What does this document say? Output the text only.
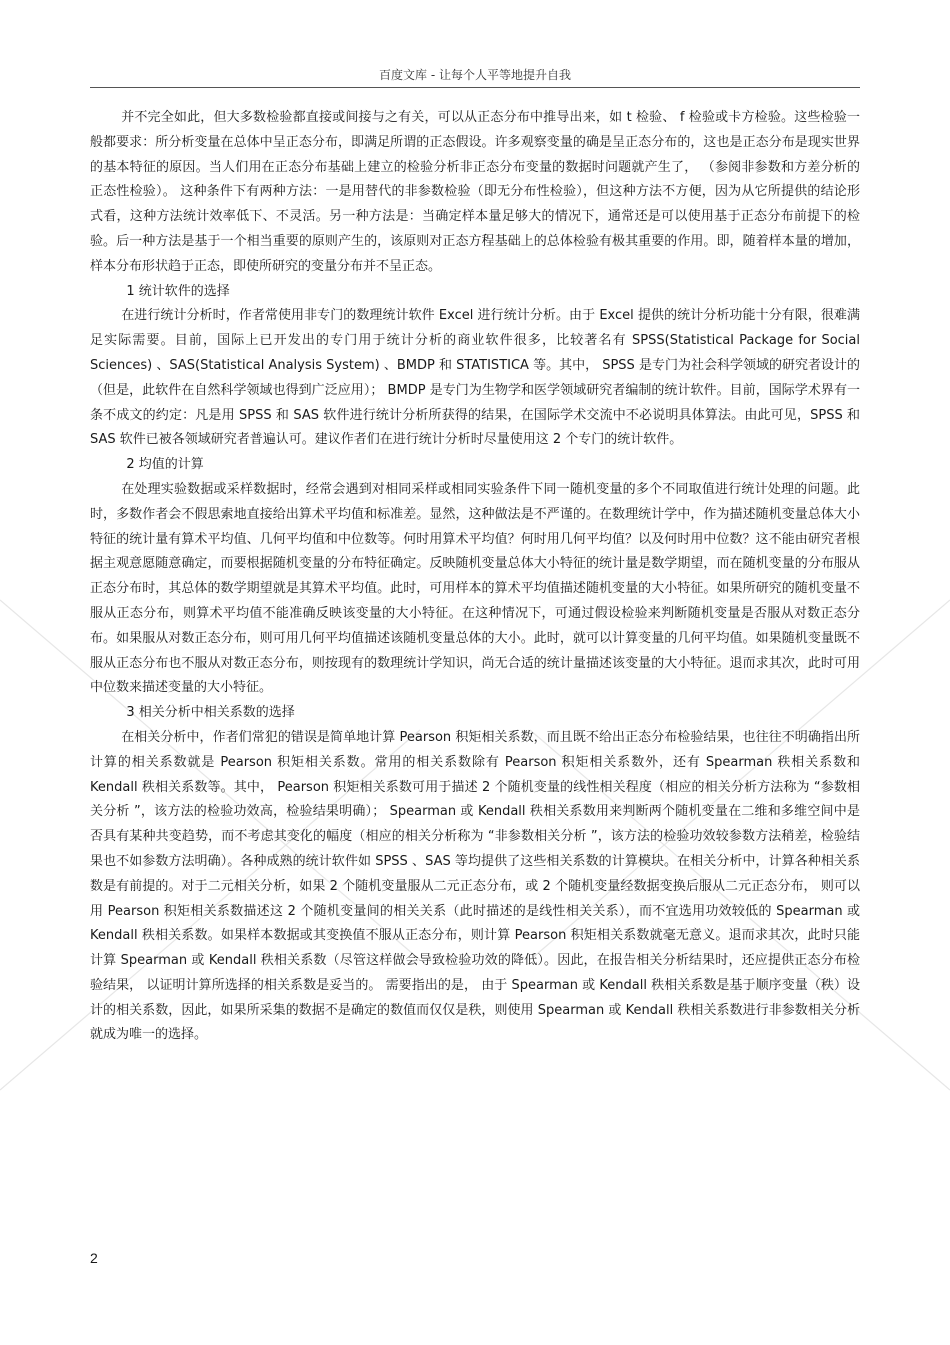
百度文库 - 让每个人平等地提升自我

并不完全如此，但大多数检验都直接或间接与之有关，可以从正态分布中推导出来，如 t 检验、 f 检验或卡方检验。这些检验一般都要求：所分析变量在总体中呈正态分布，即满足所谓的正态假设。许多观察变量的确是呈正态分布的，这也是正态分布是现实世界的基本特征的原因。当人们用在正态分布基础上建立的检验分析非正态分布变量的数据时问题就产生了， （参阅非参数和方差分析的正态性检验）。 这种条件下有两种方法：一是用替代的非参数检验（即无分布性检验），但这种方法不方便，因为从它所提供的结论形式看，这种方法统计效率低下、不灵活。另一种方法是：当确定样本量足够大的情况下，通常还是可以使用基于正态分布前提下的检验。后一种方法是基于一个相当重要的原则产生的，该原则对正态方程基础上的总体检验有极其重要的作用。即，随着样本量的增加，样本分布形状趋于正态，即使所研究的变量分布并不呈正态。

1 统计软件的选择

在进行统计分析时，作者常使用非专门的数理统计软件 Excel 进行统计分析。由于 Excel 提供的统计分析功能十分有限，很难满足实际需要。目前，国际上已开发出的专门用于统计分析的商业软件很多，比较著名有 SPSS(Statistical Package for Social Sciences) 、SAS(Statistical Analysis System) 、BMDP 和 STATISTICA 等。其中， SPSS 是专门为社会科学领域的研究者设计的（但是，此软件在自然科学领域也得到广泛应用）； BMDP 是专门为生物学和医学领域研究者编制的统计软件。目前，国际学术界有一条不成文的约定：凡是用 SPSS 和 SAS 软件进行统计分析所获得的结果，在国际学术交流中不必说明具体算法。由此可见，SPSS 和 SAS 软件已被各领域研究者普遍认可。建议作者们在进行统计分析时尽量使用这 2 个专门的统计软件。

2 均值的计算

在处理实验数据或采样数据时，经常会遇到对相同采样或相同实验条件下同一随机变量的多个不同取值进行统计处理的问题。此时，多数作者会不假思索地直接给出算术平均值和标准差。显然，这种做法是不严谨的。在数理统计学中，作为描述随机变量总体大小特征的统计量有算术平均值、几何平均值和中位数等。何时用算术平均值？何时用几何平均值？以及何时用中位数？这不能由研究者根据主观意愿随意确定，而要根据随机变量的分布特征确定。反映随机变量总体大小特征的统计量是数学期望，而在随机变量的分布服从正态分布时，其总体的数学期望就是其算术平均值。此时，可用样本的算术平均值描述随机变量的大小特征。如果所研究的随机变量不服从正态分布，则算术平均值不能准确反映该变量的大小特征。在这种情况下，可通过假设检验来判断随机变量是否服从对数正态分布。如果服从对数正态分布，则可用几何平均值描述该随机变量总体的大小。此时，就可以计算变量的几何平均值。如果随机变量既不服从正态分布也不服从对数正态分布，则按现有的数理统计学知识，尚无合适的统计量描述该变量的大小特征。退而求其次，此时可用中位数来描述变量的大小特征。

3 相关分析中相关系数的选择

在相关分析中，作者们常犯的错误是简单地计算 Pearson 积矩相关系数，而且既不给出正态分布检验结果，也往往不明确指出所计算的相关系数就是 Pearson 积矩相关系数。常用的相关系数除有 Pearson 积矩相关系数外，还有 Spearman 秩相关系数和 Kendall 秩相关系数等。其中， Pearson 积矩相关系数可用于描述 2 个随机变量的线性相关程度（相应的相关分析方法称为 “参数相关分析 ”，该方法的检验功效高，检验结果明确）； Spearman 或 Kendall 秩相关系数用来判断两个随机变量在二维和多维空间中是否具有某种共变趋势，而不考虑其变化的幅度（相应的相关分析称为 “非参数相关分析 ”，该方法的检验功效较参数方法稍差，检验结果也不如参数方法明确）。各种成熟的统计软件如 SPSS 、SAS 等均提供了这些相关系数的计算模块。在相关分析中，计算各种相关系数是有前提的。对于二元相关分析，如果 2 个随机变量服从二元正态分布，或 2 个随机变量经数据变换后服从二元正态分布， 则可以用 Pearson 积矩相关系数描述这 2 个随机变量间的相关关系（此时描述的是线性相关关系），而不宜选用功效较低的 Spearman 或 Kendall 秩相关系数。如果样本数据或其变换值不服从正态分布，则计算 Pearson 积矩相关系数就毫无意义。退而求其次，此时只能计算 Spearman 或 Kendall 秩相关系数（尽管这样做会导致检验功效的降低）。因此，在报告相关分析结果时，还应提供正态分布检验结果， 以证明计算所选择的相关系数是妥当的。 需要指出的是， 由于 Spearman 或 Kendall 秩相关系数是基于顺序变量（秩）设计的相关系数，因此，如果所采集的数据不是确定的数值而仅仅是秩，则使用 Spearman 或 Kendall 秩相关系数进行非参数相关分析就成为唯一的选择。

2
